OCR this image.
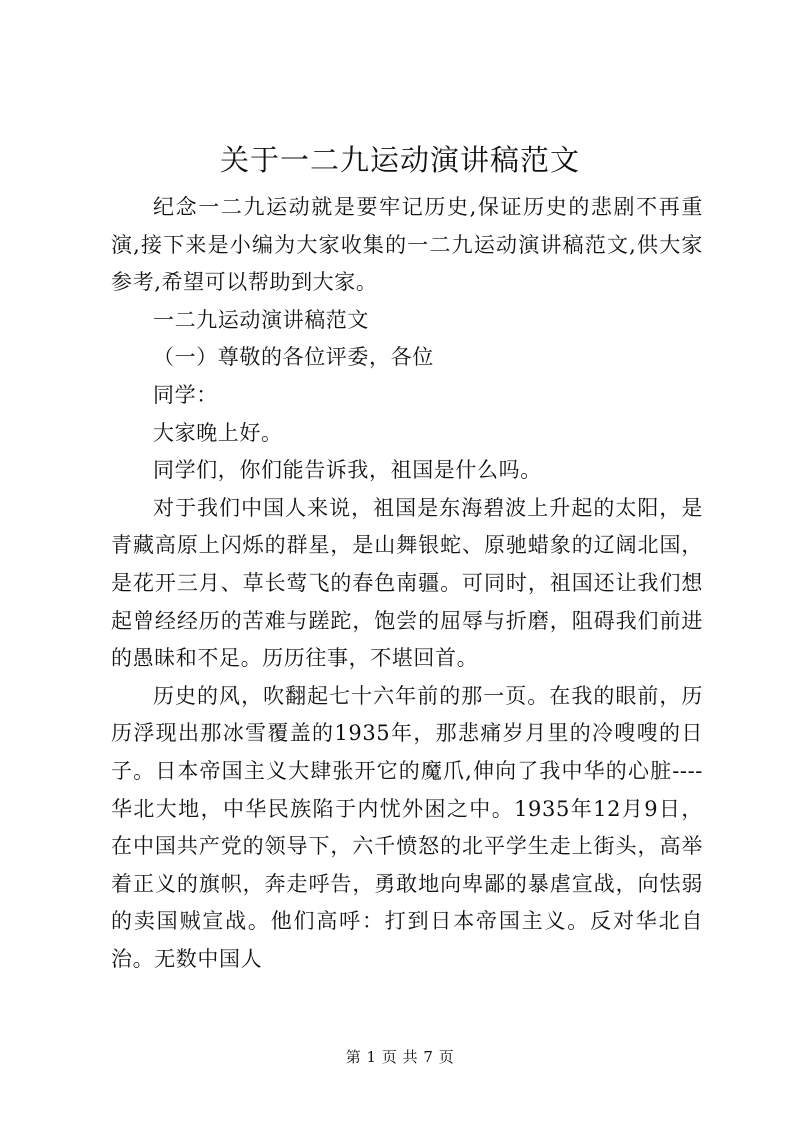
关于一二九运动演讲稿范文

纪念一二九运动就是要牢记历史,保证历史的悲剧不再重演,接下来是小编为大家收集的一二九运动演讲稿范文,供大家参考,希望可以帮助到大家。

一二九运动演讲稿范文

（一）尊敬的各位评委，各位

同学：

大家晚上好。

同学们，你们能告诉我，祖国是什么吗。

对于我们中国人来说，祖国是东海碧波上升起的太阳，是青藏高原上闪烁的群星，是山舞银蛇、原驰蜡象的辽阔北国，是花开三月、草长莺飞的春色南疆。可同时，祖国还让我们想起曾经经历的苦难与蹉跎，饱尝的屈辱与折磨，阻碍我们前进的愚昧和不足。历历往事，不堪回首。

历史的风，吹翻起七十六年前的那一页。在我的眼前，历历浮现出那冰雪覆盖的1935年，那悲痛岁月里的冷嗖嗖的日子。日本帝国主义大肆张开它的魔爪,伸向了我中华的心脏----华北大地，中华民族陷于内忧外困之中。1935年12月9日，在中国共产党的领导下，六千愤怒的北平学生走上街头，高举着正义的旗帜，奔走呼告，勇敢地向卑鄙的暴虐宣战，向怯弱的卖国贼宣战。他们高呼：打到日本帝国主义。反对华北自治。无数中国人

第 1 页 共 7 页
